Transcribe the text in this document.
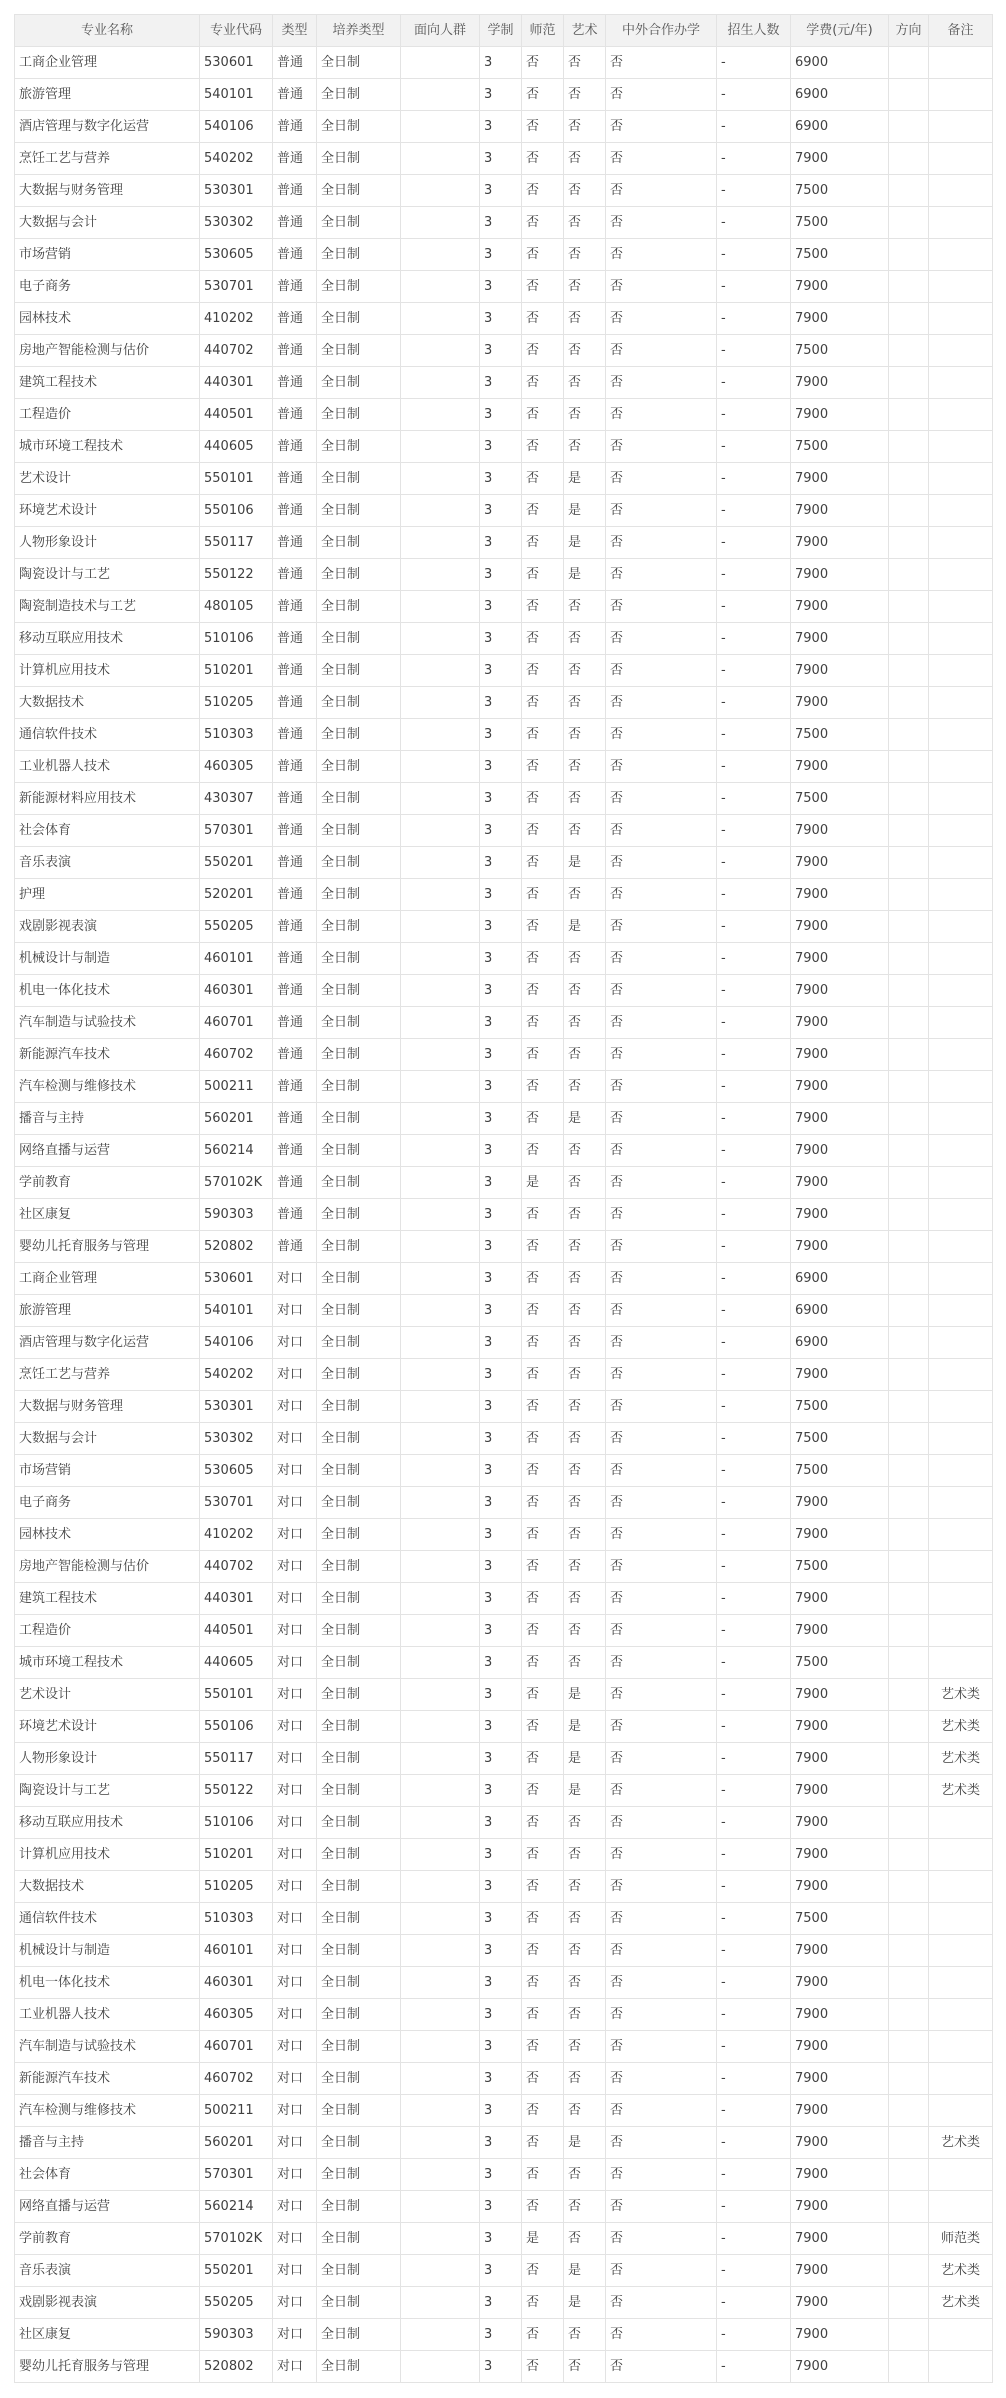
专业名称	专业代码	类型	培养类型	面向人群	学制	师范	艺术	中外合作办学	招生人数	学费(元/年)	方向	备注
工商企业管理	530601	普通	全日制		3	否	否	否	-	6900		
旅游管理	540101	普通	全日制		3	否	否	否	-	6900		
酒店管理与数字化运营	540106	普通	全日制		3	否	否	否	-	6900		
烹饪工艺与营养	540202	普通	全日制		3	否	否	否	-	7900		
大数据与财务管理	530301	普通	全日制		3	否	否	否	-	7500		
大数据与会计	530302	普通	全日制		3	否	否	否	-	7500		
市场营销	530605	普通	全日制		3	否	否	否	-	7500		
电子商务	530701	普通	全日制		3	否	否	否	-	7900		
园林技术	410202	普通	全日制		3	否	否	否	-	7900		
房地产智能检测与估价	440702	普通	全日制		3	否	否	否	-	7500		
建筑工程技术	440301	普通	全日制		3	否	否	否	-	7900		
工程造价	440501	普通	全日制		3	否	否	否	-	7900		
城市环境工程技术	440605	普通	全日制		3	否	否	否	-	7500		
艺术设计	550101	普通	全日制		3	否	是	否	-	7900		
环境艺术设计	550106	普通	全日制		3	否	是	否	-	7900		
人物形象设计	550117	普通	全日制		3	否	是	否	-	7900		
陶瓷设计与工艺	550122	普通	全日制		3	否	是	否	-	7900		
陶瓷制造技术与工艺	480105	普通	全日制		3	否	否	否	-	7900		
移动互联应用技术	510106	普通	全日制		3	否	否	否	-	7900		
计算机应用技术	510201	普通	全日制		3	否	否	否	-	7900		
大数据技术	510205	普通	全日制		3	否	否	否	-	7900		
通信软件技术	510303	普通	全日制		3	否	否	否	-	7500		
工业机器人技术	460305	普通	全日制		3	否	否	否	-	7900		
新能源材料应用技术	430307	普通	全日制		3	否	否	否	-	7500		
社会体育	570301	普通	全日制		3	否	否	否	-	7900		
音乐表演	550201	普通	全日制		3	否	是	否	-	7900		
护理	520201	普通	全日制		3	否	否	否	-	7900		
戏剧影视表演	550205	普通	全日制		3	否	是	否	-	7900		
机械设计与制造	460101	普通	全日制		3	否	否	否	-	7900		
机电一体化技术	460301	普通	全日制		3	否	否	否	-	7900		
汽车制造与试验技术	460701	普通	全日制		3	否	否	否	-	7900		
新能源汽车技术	460702	普通	全日制		3	否	否	否	-	7900		
汽车检测与维修技术	500211	普通	全日制		3	否	否	否	-	7900		
播音与主持	560201	普通	全日制		3	否	是	否	-	7900		
网络直播与运营	560214	普通	全日制		3	否	否	否	-	7900		
学前教育	570102K	普通	全日制		3	是	否	否	-	7900		
社区康复	590303	普通	全日制		3	否	否	否	-	7900		
婴幼儿托育服务与管理	520802	普通	全日制		3	否	否	否	-	7900		
工商企业管理	530601	对口	全日制		3	否	否	否	-	6900		
旅游管理	540101	对口	全日制		3	否	否	否	-	6900		
酒店管理与数字化运营	540106	对口	全日制		3	否	否	否	-	6900		
烹饪工艺与营养	540202	对口	全日制		3	否	否	否	-	7900		
大数据与财务管理	530301	对口	全日制		3	否	否	否	-	7500		
大数据与会计	530302	对口	全日制		3	否	否	否	-	7500		
市场营销	530605	对口	全日制		3	否	否	否	-	7500		
电子商务	530701	对口	全日制		3	否	否	否	-	7900		
园林技术	410202	对口	全日制		3	否	否	否	-	7900		
房地产智能检测与估价	440702	对口	全日制		3	否	否	否	-	7500		
建筑工程技术	440301	对口	全日制		3	否	否	否	-	7900		
工程造价	440501	对口	全日制		3	否	否	否	-	7900		
城市环境工程技术	440605	对口	全日制		3	否	否	否	-	7500		
艺术设计	550101	对口	全日制		3	否	是	否	-	7900		艺术类
环境艺术设计	550106	对口	全日制		3	否	是	否	-	7900		艺术类
人物形象设计	550117	对口	全日制		3	否	是	否	-	7900		艺术类
陶瓷设计与工艺	550122	对口	全日制		3	否	是	否	-	7900		艺术类
移动互联应用技术	510106	对口	全日制		3	否	否	否	-	7900		
计算机应用技术	510201	对口	全日制		3	否	否	否	-	7900		
大数据技术	510205	对口	全日制		3	否	否	否	-	7900		
通信软件技术	510303	对口	全日制		3	否	否	否	-	7500		
机械设计与制造	460101	对口	全日制		3	否	否	否	-	7900		
机电一体化技术	460301	对口	全日制		3	否	否	否	-	7900		
工业机器人技术	460305	对口	全日制		3	否	否	否	-	7900		
汽车制造与试验技术	460701	对口	全日制		3	否	否	否	-	7900		
新能源汽车技术	460702	对口	全日制		3	否	否	否	-	7900		
汽车检测与维修技术	500211	对口	全日制		3	否	否	否	-	7900		
播音与主持	560201	对口	全日制		3	否	是	否	-	7900		艺术类
社会体育	570301	对口	全日制		3	否	否	否	-	7900		
网络直播与运营	560214	对口	全日制		3	否	否	否	-	7900		
学前教育	570102K	对口	全日制		3	是	否	否	-	7900		师范类
音乐表演	550201	对口	全日制		3	否	是	否	-	7900		艺术类
戏剧影视表演	550205	对口	全日制		3	否	是	否	-	7900		艺术类
社区康复	590303	对口	全日制		3	否	否	否	-	7900		
婴幼儿托育服务与管理	520802	对口	全日制		3	否	否	否	-	7900		
